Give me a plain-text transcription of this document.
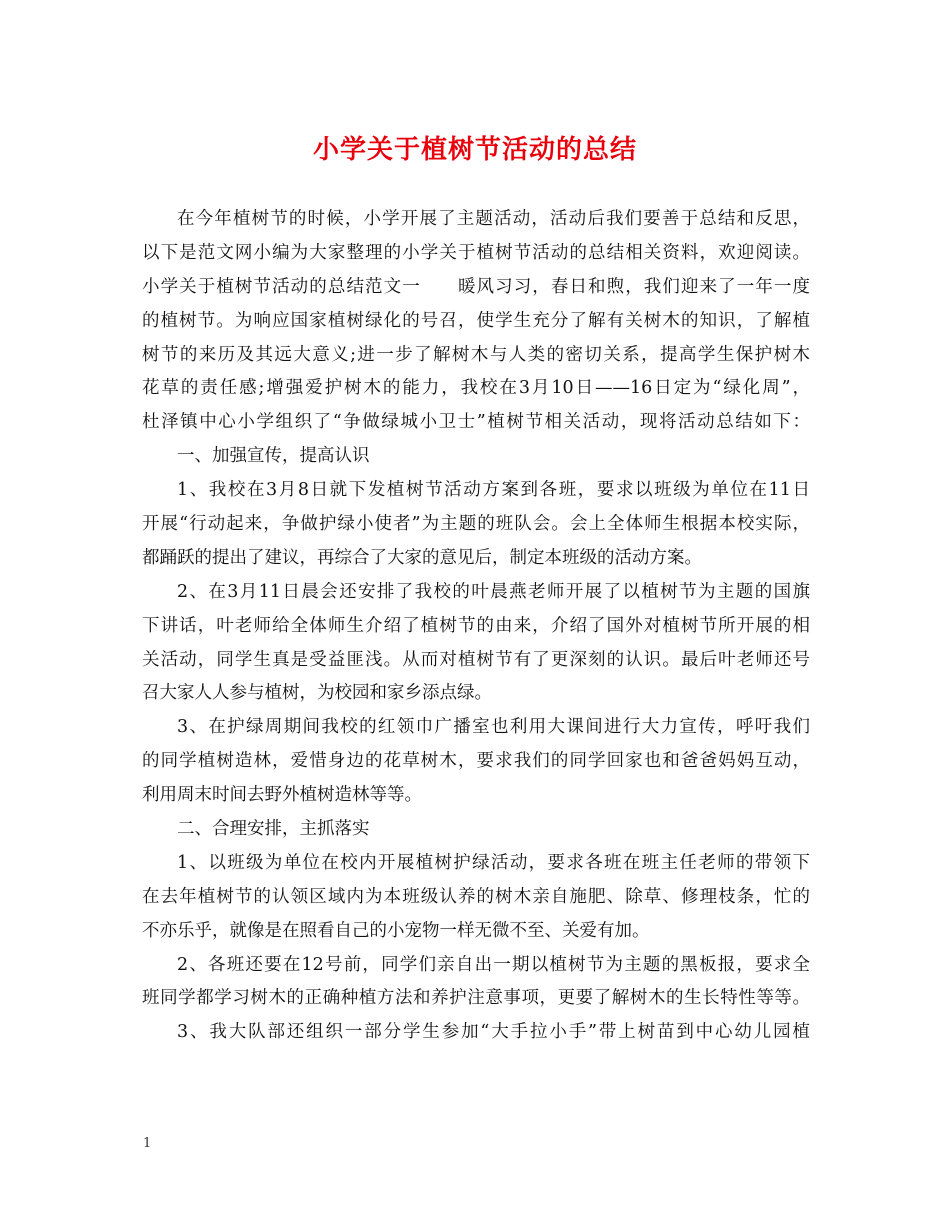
小学关于植树节活动的总结
在今年植树节的时候，小学开展了主题活动，活动后我们要善于总结和反思，
以下是范文网小编为大家整理的小学关于植树节活动的总结相关资料，欢迎阅读。
小学关于植树节活动的总结范文一　　暖风习习，春日和煦，我们迎来了一年一度
的植树节。为响应国家植树绿化的号召，使学生充分了解有关树木的知识，了解植
树节的来历及其远大意义;进一步了解树木与人类的密切关系，提高学生保护树木
花草的责任感;增强爱护树木的能力，我校在3月10日——16日定为“绿化周”，
杜泽镇中心小学组织了“争做绿城小卫士”植树节相关活动，现将活动总结如下：
一、加强宣传，提高认识
1、我校在3月8日就下发植树节活动方案到各班，要求以班级为单位在11日
开展“行动起来，争做护绿小使者”为主题的班队会。会上全体师生根据本校实际，
都踊跃的提出了建议，再综合了大家的意见后，制定本班级的活动方案。
2、在3月11日晨会还安排了我校的叶晨燕老师开展了以植树节为主题的国旗
下讲话，叶老师给全体师生介绍了植树节的由来，介绍了国外对植树节所开展的相
关活动，同学生真是受益匪浅。从而对植树节有了更深刻的认识。最后叶老师还号
召大家人人参与植树，为校园和家乡添点绿。
3、在护绿周期间我校的红领巾广播室也利用大课间进行大力宣传，呼吁我们
的同学植树造林，爱惜身边的花草树木，要求我们的同学回家也和爸爸妈妈互动，
利用周末时间去野外植树造林等等。
二、合理安排，主抓落实
1、以班级为单位在校内开展植树护绿活动，要求各班在班主任老师的带领下
在去年植树节的认领区域内为本班级认养的树木亲自施肥、除草、修理枝条，忙的
不亦乐乎，就像是在照看自己的小宠物一样无微不至、关爱有加。
2、各班还要在12号前，同学们亲自出一期以植树节为主题的黑板报，要求全
班同学都学习树木的正确种植方法和养护注意事项，更要了解树木的生长特性等等。
3、我大队部还组织一部分学生参加“大手拉小手”带上树苗到中心幼儿园植
1
